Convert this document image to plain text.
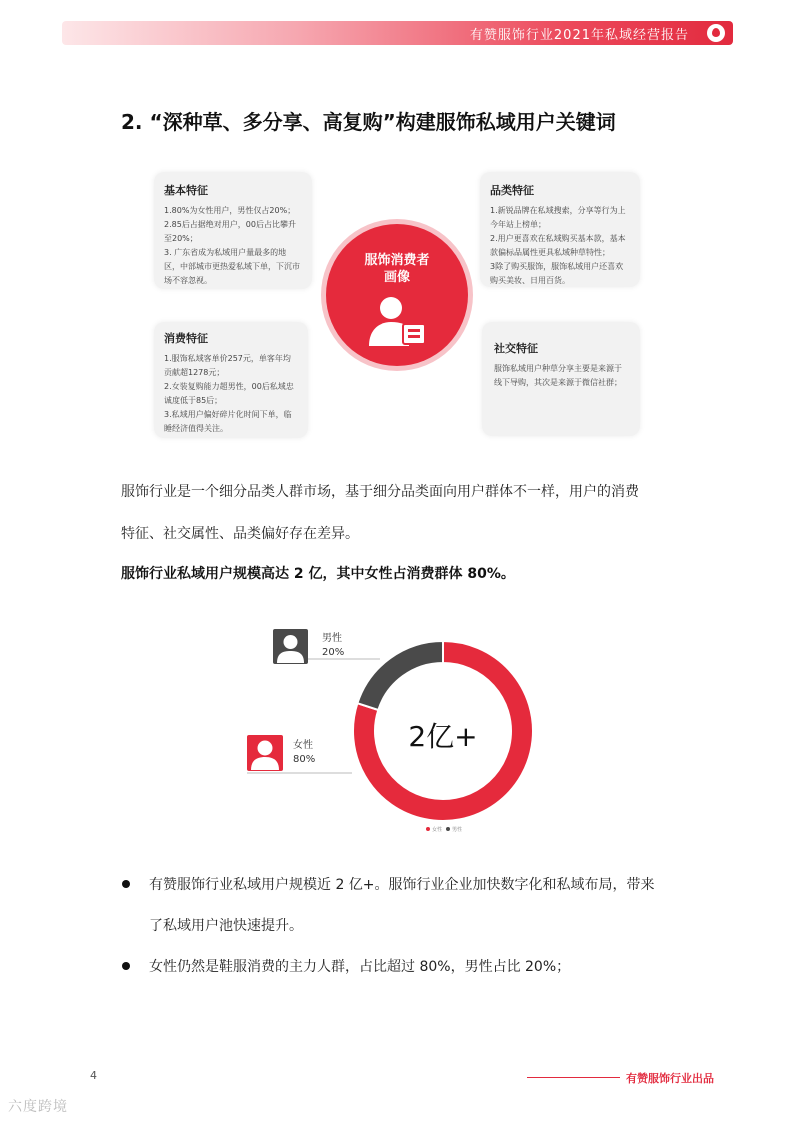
有赞服饰行业2021年私域经营报告
2. “深种草、多分享、高复购”构建服饰私域用户关键词
基本特征
1.80%为女性用户，男性仅占20%；
2.85后占据绝对用户，00后占比攀升至20%；
3. 广东省成为私域用户量最多的地区，中部城市更热爱私域下单，下沉市场不容忽视。
品类特征
1.新锐品牌在私域搜索，分享等行为上今年站上榜单；
2.用户更喜欢在私域购买基本款，基本款偏标品属性更具私域种草特性；
3除了购买服饰，服饰私域用户还喜欢购买美妆、日用百货。
消费特征
1.服饰私域客单价257元，单客年均贡献超1278元；
2.女装复购能力超男性，00后私域忠诚度低于85后；
3.私域用户偏好碎片化时间下单，临睡经济值得关注。
社交特征
服饰私域用户种草分享主要是来源于线下导购，其次是来源于微信社群；
服饰消费者
画像
服饰行业是一个细分品类人群市场，基于细分品类面向用户群体不一样，用户的消费
特征、社交属性、品类偏好存在差异。
服饰行业私域用户规模高达 2 亿，其中女性占消费群体 80%。
2亿+
男性
20%
女性
80%
女性 男性
有赞服饰行业私域用户规模近 2 亿+。服饰行业企业加快数字化和私域布局，带来
了私域用户池快速提升。
女性仍然是鞋服消费的主力人群，占比超过 80%，男性占比 20%；
4	有赞服饰行业出品
六度跨境
